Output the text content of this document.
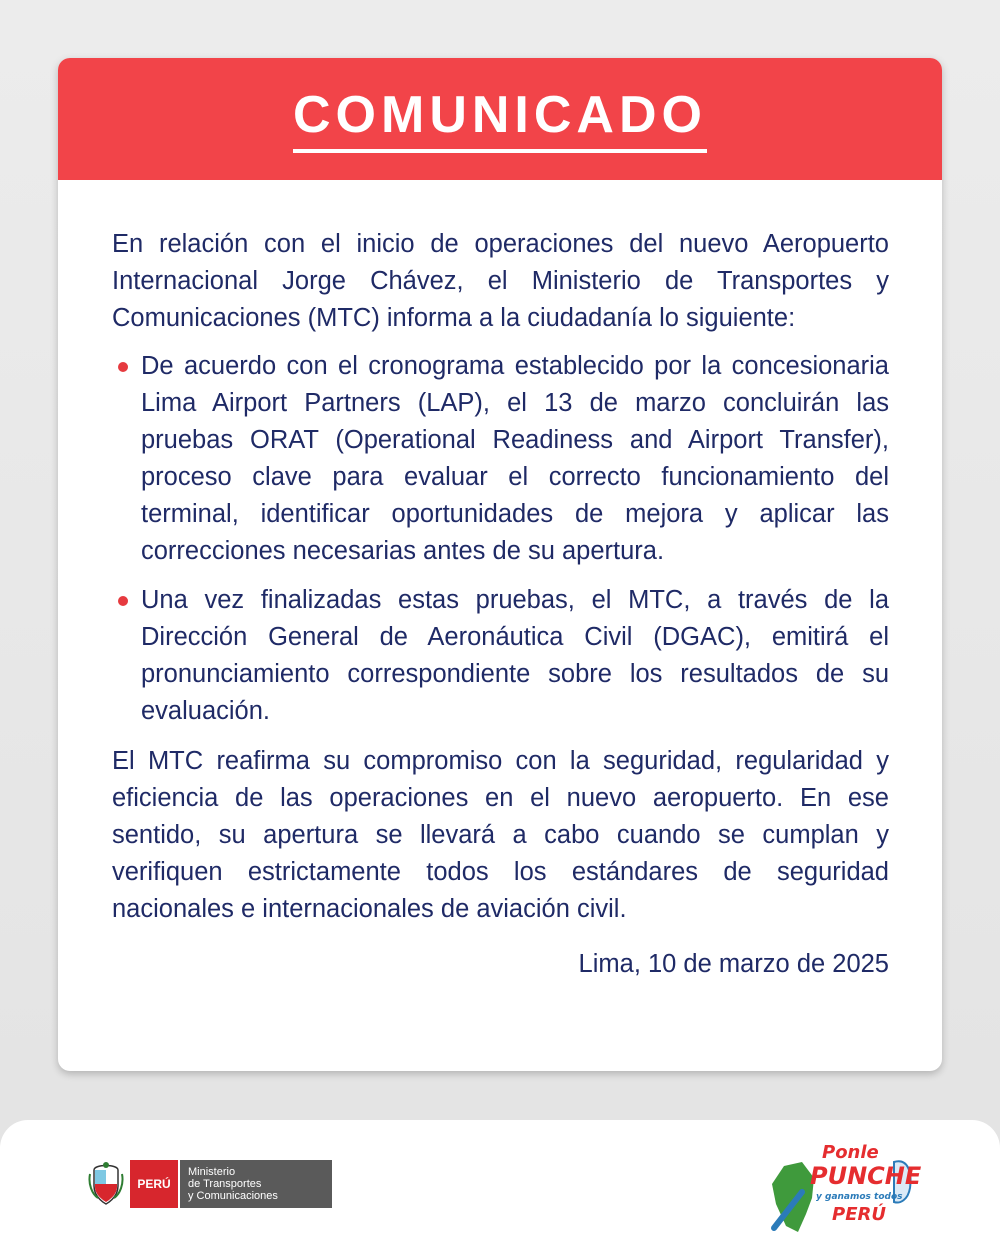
COMUNICADO

En relación con el inicio de operaciones del nuevo Aeropuerto Internacional Jorge Chávez, el Ministerio de Transportes y Comunicaciones (MTC) informa a la ciudadanía lo siguiente:

De acuerdo con el cronograma establecido por la concesionaria Lima Airport Partners (LAP), el 13 de marzo concluirán las pruebas ORAT (Operational Readiness and Airport Transfer), proceso clave para evaluar el correcto funcionamiento del terminal, identificar oportunidades de mejora y aplicar las correcciones necesarias antes de su apertura.
Una vez finalizadas estas pruebas, el MTC, a través de la Dirección General de Aeronáutica Civil (DGAC), emitirá el pronunciamiento correspondiente sobre los resultados de su evaluación.

El MTC reafirma su compromiso con la seguridad, regularidad y eficiencia de las operaciones en el nuevo aeropuerto. En ese sentido, su apertura se llevará a cabo cuando se cumplan y verifiquen estrictamente todos los estándares de seguridad nacionales e internacionales de aviación civil.

Lima, 10 de marzo de 2025

PERÚ
Ministerio
de Transportes
y Comunicaciones
Ponle
PUNCHE
y ganamos todos
PERÚ
